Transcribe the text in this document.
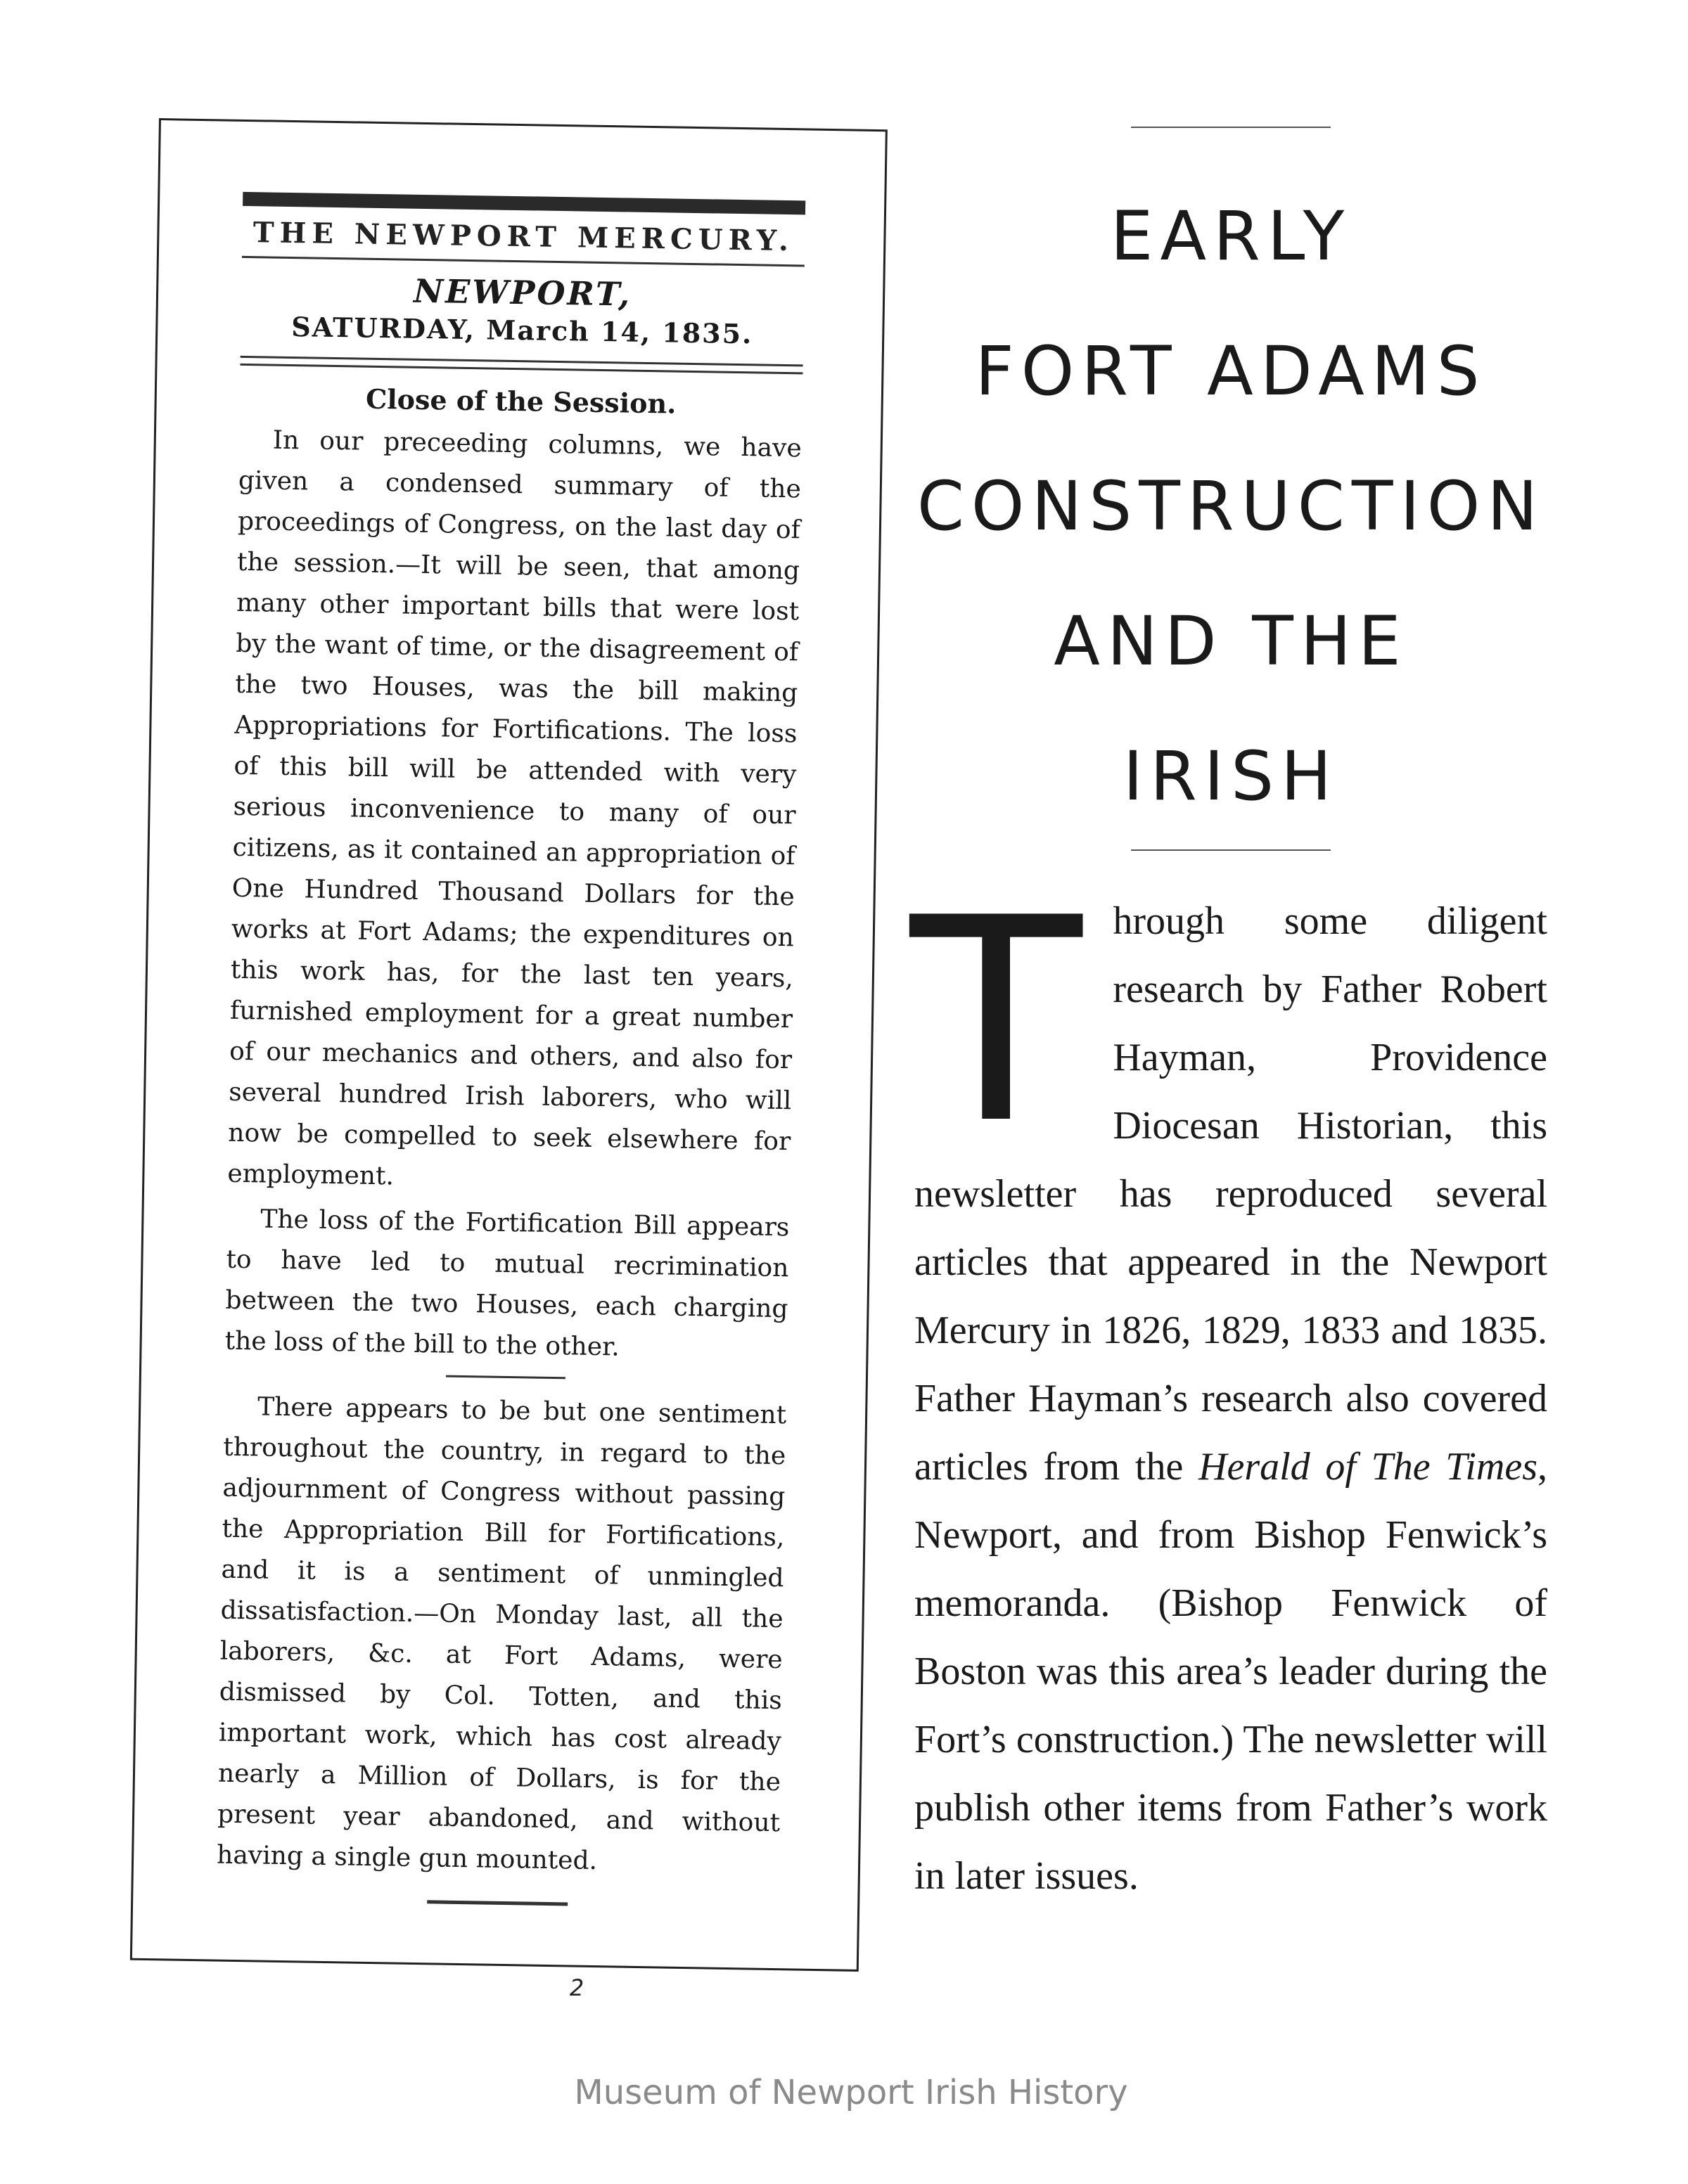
THE NEWPORT MERCURY.
NEWPORT,
SATURDAY, March 14, 1835.
Close of the Session.

In our preceeding columns, we have given a condensed summary of the proceedings of Congress, on the last day of the session.—It will be seen, that among many other important bills that were lost by the want of time, or the disagreement of the two Houses, was the bill making Appropriations for Fortifications. The loss of this bill will be attended with very serious inconvenience to many of our citizens, as it contained an appropriation of One Hundred Thousand Dollars for the works at Fort Adams; the expenditures on this work has, for the last ten years, furnished employment for a great number of our mechanics and others, and also for several hundred Irish laborers, who will now be compelled to seek elsewhere for employment.

The loss of the Fortification Bill appears to have led to mutual recrimination between the two Houses, each charging the loss of the bill to the other.

There appears to be but one sentiment throughout the country, in regard to the adjournment of Congress without passing the Appropriation Bill for Fortifications, and it is a sentiment of unmingled dissatisfaction.—On Monday last, all the laborers, &c. at Fort Adams, were dismissed by Col. Totten, and this important work, which has cost already nearly a Million of Dollars, is for the present year abandoned, and without having a single gun mounted.

2
EARLY
FORT ADAMS
CONSTRUCTION
AND THE
IRISH
Through some diligent research by Father Robert Hayman, Providence Diocesan Historian, this newsletter has reproduced several articles that appeared in the Newport Mercury in 1826, 1829, 1833 and 1835. Father Hayman’s research also covered articles from the Herald of The Times, Newport, and from Bishop Fenwick’s memoranda. (Bishop Fenwick of Boston was this area’s leader during the Fort’s construction.) The newsletter will publish other items from Father’s work in later issues.
Museum of Newport Irish History
